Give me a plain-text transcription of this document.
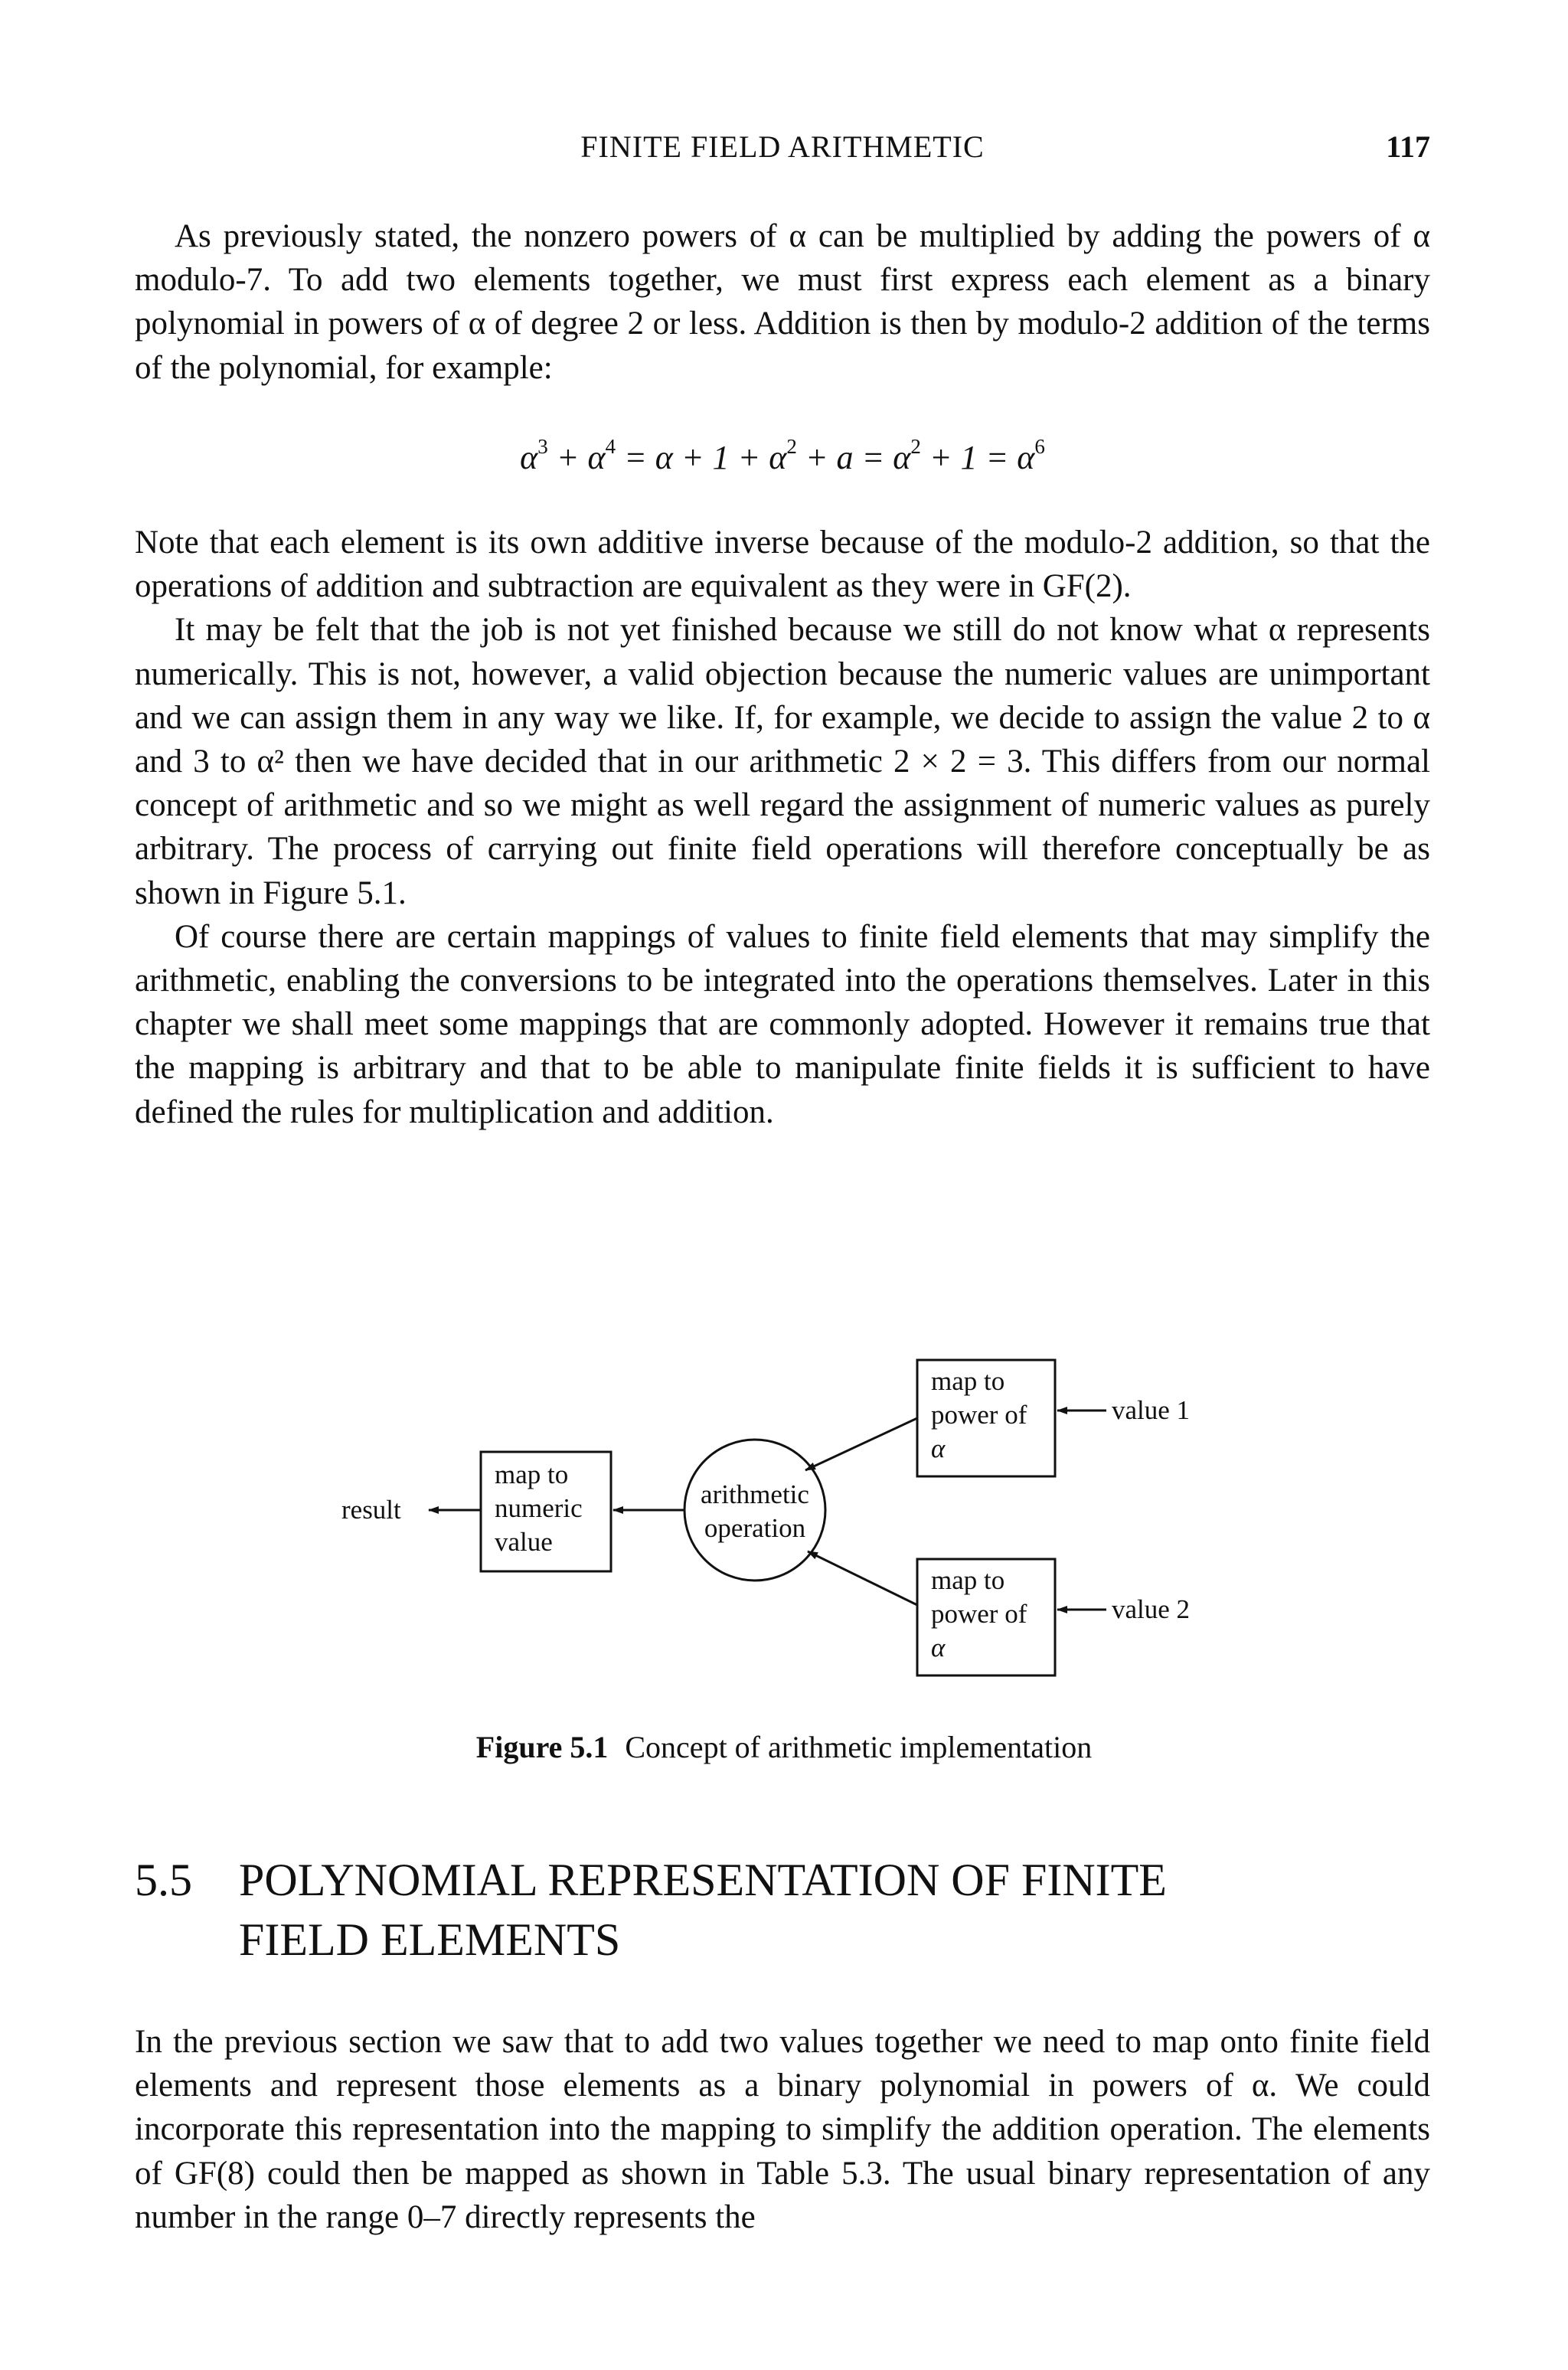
FINITE FIELD ARITHMETIC	117

As previously stated, the nonzero powers of α can be multiplied by adding the powers of α modulo-7. To add two elements together, we must first express each element as a binary polynomial in powers of α of degree 2 or less. Addition is then by modulo-2 addition of the terms of the polynomial, for example:

$\alpha^3 + \alpha^4 = \alpha + 1 + \alpha^2 + a = \alpha^2 + 1 = \alpha^6$

Note that each element is its own additive inverse because of the modulo-2 addition, so that the operations of addition and subtraction are equivalent as they were in GF(2).

It may be felt that the job is not yet finished because we still do not know what α represents numerically. This is not, however, a valid objection because the numeric values are unimportant and we can assign them in any way we like. If, for example, we decide to assign the value 2 to α and 3 to α² then we have decided that in our arithmetic 2 × 2 = 3. This differs from our normal concept of arithmetic and so we might as well regard the assignment of numeric values as purely arbitrary. The process of carrying out finite field operations will therefore conceptually be as shown in Figure 5.1.

Of course there are certain mappings of values to finite field elements that may simplify the arithmetic, enabling the conversions to be integrated into the operations themselves. Later in this chapter we shall meet some mappings that are commonly adopted. However it remains true that the mapping is arbitrary and that to be able to manipulate finite fields it is sufficient to have defined the rules for multiplication and addition.

map to
power of
α
map to
power of
α
value 1
value 2
arithmetic
operation
map to
numeric
value
result
Figure 5.1 Concept of arithmetic implementation
5.5 POLYNOMIAL REPRESENTATION OF FINITE
FIELD ELEMENTS

In the previous section we saw that to add two values together we need to map onto finite field elements and represent those elements as a binary polynomial in powers of α. We could incorporate this representation into the mapping to simplify the addition operation. The elements of GF(8) could then be mapped as shown in Table 5.3. The usual binary representation of any number in the range 0–7 directly represents the
